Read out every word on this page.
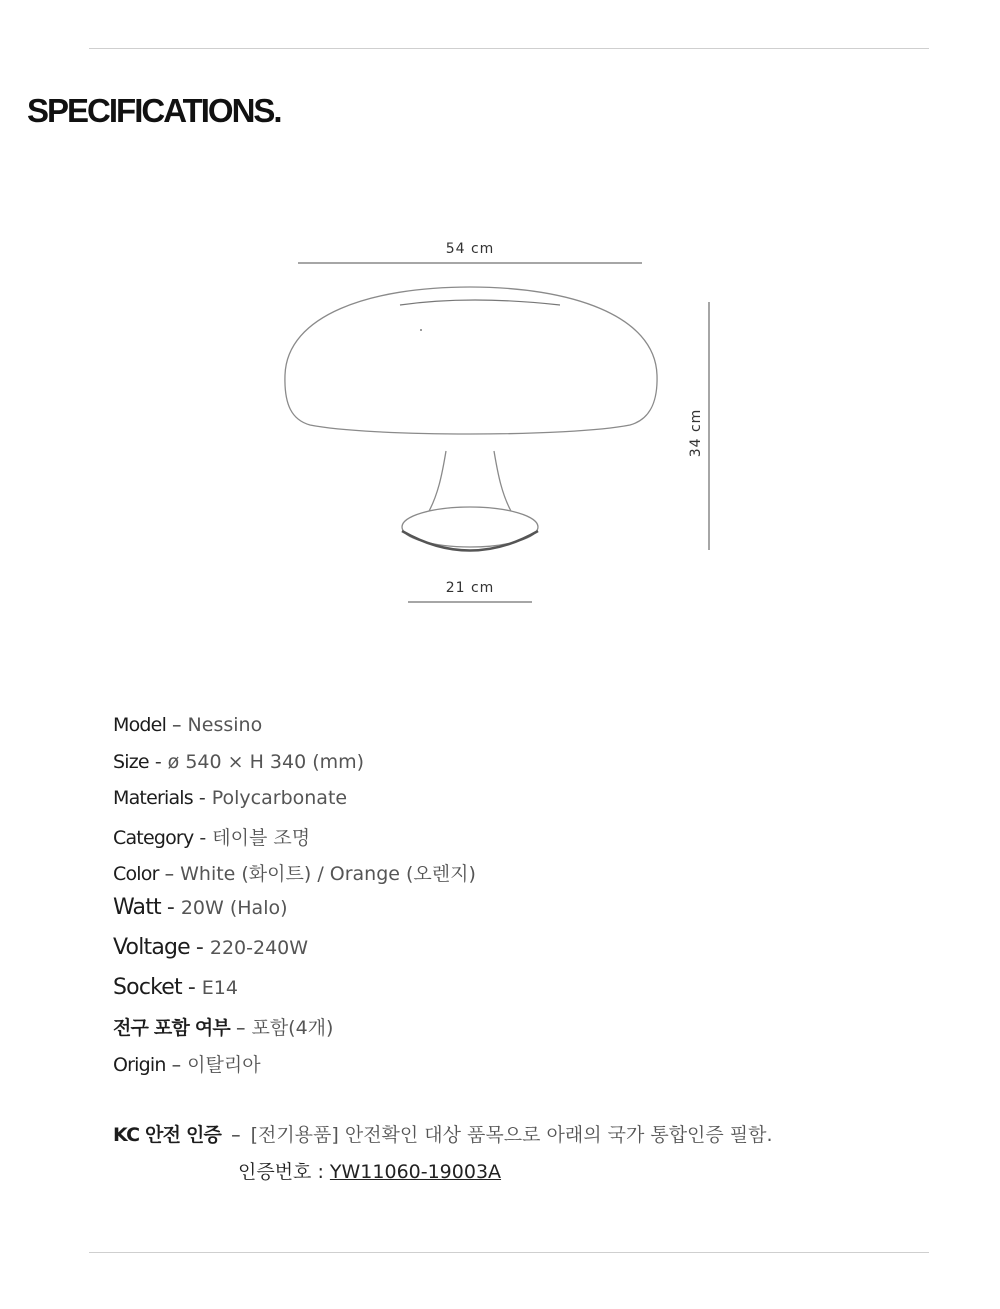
SPECIFICATIONS.
54 cm
21 cm
34 cm
Model – Nessino
Size - ø 540 × H 340 (mm)
Materials - Polycarbonate
Category - 테이블 조명
Color – White (화이트) / Orange (오렌지)
Watt - 20W (Halo)
Voltage - 220-240W
Socket - E14
전구 포함 여부 – 포함(4개)
Origin – 이탈리아
KC 안전 인증 – [전기용품] 안전확인 대상 품목으로 아래의 국가 통합인증 필함.
인증번호 : YW11060-19003A
